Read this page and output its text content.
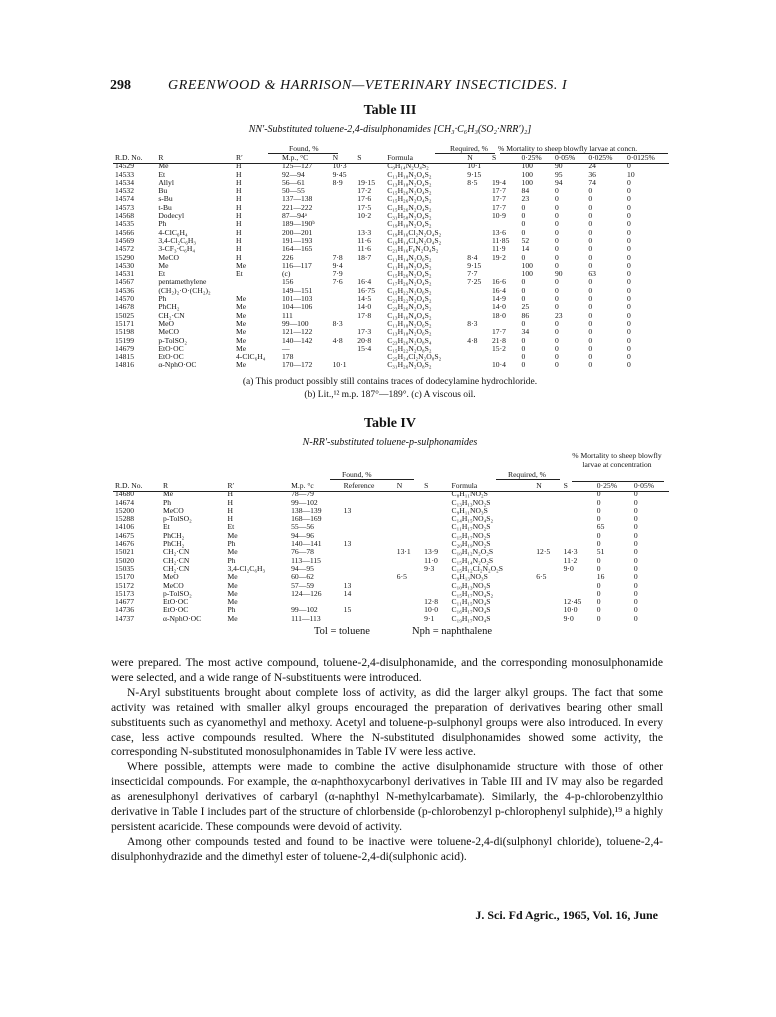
298	GREENWOOD & HARRISON—VETERINARY INSECTICIDES. I
Table III
NN′-Substituted toluene-2,4-disulphonamides [CH₃·C₆H₃(SO₂·NRR′)₂]
Found, %	Required, % % Mortality to sheep blowfly larvae at concn.
R.D. No.	R	R′	M.p., °C	N	S	Formula	N	S	0·25%	0·05%	0·025%	0·0125%
14529	Me	H	125—127	10·3		C₉H₁₄N₂O₄S₂	10·1		100	90	24	0
14533	Et	H	92—94	9·45		C₁₁H₁₈N₂O₄S₂	9·15		100	95	36	10
14534	Allyl	H	56—61	8·9	19·15	C₁₃H₁₈N₂O₄S₂	8·5	19·4	100	94	74	0
14532	Bu	H	50—55		17·2	C₁₅H₂₆N₂O₄S₂		17·7	84	0	0	0
14574	s-Bu	H	137—138		17·6	C₁₅H₂₆N₂O₄S₂		17·7	23	0	0	0
14573	t-Bu	H	221—222		17·5	C₁₅H₂₆N₂O₄S₂		17·7	0	0	0	0
14568	Dodecyl	H	87—94ᵃ		10·2	C₃₁H₅₈N₂O₄S₂		10·9	0	0	0	0
14535	Ph	H	189—190ᵇ			C₁₉H₁₈N₂O₄S₂			0	0	0	0
14566	4-ClC₆H₄	H	200—201		13·3	C₁₉H₁₆Cl₂N₂O₄S₂		13·6	0	0	0	0
14569	3,4-Cl₂C₆H₃	H	191—193		11·6	C₁₉H₁₄Cl₄N₂O₄S₂		11·85	52	0	0	0
14572	3-CF₃·C₆H₄	H	164—165		11·6	C₂₁H₁₆F₆N₂O₄S₂		11·9	14	0	0	0
15290	MeCO	H	226	7·8	18·7	C₁₁H₁₄N₂O₆S₂	8·4	19·2	0	0	0	0
14530	Me	Me	116—117	9·4		C₁₁H₁₈N₂O₄S₂	9·15		100	0	0	0
14531	Et	Et	(c)	7·9		C₁₅H₂₆N₂O₄S₂	7·7		100	90	63	0
14567	pentamethylene		156	7·6	16·4	C₁₇H₂₆N₂O₄S₂	7·25	16·6	0	0	0	0
14536	(CH₂)₂·O·(CH₂)₂		149—151		16·75	C₁₅H₂₂N₂O₆S₂		16·4	0	0	0	0
14570	Ph	Me	101—103		14·5	C₂₁H₂₂N₂O₄S₂		14·9	0	0	0	0
14678	PhCH₂	Me	104—106		14·0	C₂₃H₂₆N₂O₄S₂		14·0	25	0	0	0
15025	CH₂·CN	Me	111		17·8	C₁₃H₁₆N₄O₄S₂		18·0	86	23	0	0
15171	MeO	Me	99—100	8·3		C₁₁H₁₈N₂O₆S₂	8·3		0	0	0	0
15198	MeCO	Me	121—122		17·3	C₁₃H₁₈N₂O₆S₂		17·7	34	0	0	0
15199	p-TolSO₂	Me	140—142	4·8	20·8	C₂₃H₂₆N₂O₈S₄	4·8	21·8	0	0	0	0
14679	EtO·OC	Me	—		15·4	C₁₅H₂₂N₂O₈S₂		15·2	0	0	0	0
14815	EtO·OC	4-ClC₆H₄	178			C₂₅H₂₄Cl₂N₂O₈S₂			0	0	0	0
14816	α-NphO·OC	Me	170—172	10·1		C₃₁H₂₆N₂O₈S₂		10·4	0	0	0	0
(a) This product possibly still contains traces of dodecylamine hydrochloride.
(b) Lit.,¹² m.p. 187°—189°. (c) A viscous oil.
Table IV
N-RR′-substituted toluene-p-sulphonamides
% Mortality to sheep blowfly larvae at concentration
Found, %	Required, %
R.D. No.	R	R′	M.p. °c	Reference	N	S	Formula	N	S	0·25%	0·05%
14680	Me	H	78—79				C₈H₁₁NO₂S			0	0
14674	Ph	H	99—102				C₁₃H₁₃NO₂S			0	0
15200	MeCO	H	138—139	13			C₉H₁₁NO₃S			0	0
15288	p-TolSO₂	H	168—169				C₁₄H₁₅NO₄S₂			0	0
14106	Et	Et	55—56				C₁₁H₁₇NO₂S			65	0
14675	PhCH₂	Me	94—96				C₁₅H₁₇NO₂S			0	0
14676	PhCH₂	Ph	140—141	13			C₂₀H₁₉NO₂S			0	0
15021	CH₂·CN	Me	76—78		13·1	13·9	C₁₀H₁₂N₂O₂S	12·5	14·3	51	0
15020	CH₂·CN	Ph	113—115			11·0	C₁₅H₁₄N₂O₂S		11·2	0	0
15035	CH₂·CN	3,4-Cl₂C₆H₃	94—95			9·3	C₁₅H₁₂Cl₂N₂O₂S		9·0	0	0
15170	MeO	Me	60—62		6·5		C₉H₁₃NO₃S	6·5		16	0
15172	MeCO	Me	57—59	13			C₁₀H₁₃NO₃S			0	0
15173	p-TolSO₂	Me	124—126	14			C₁₅H₁₇NO₄S₂			0	0
14677	EtO·OC	Me				12·8	C₁₁H₁₅NO₄S		12·45	0	0
14736	EtO·OC	Ph	99—102	15		10·0	C₁₆H₁₇NO₄S		10·0	0	0
14737	α-NphO·OC	Me	111—113			9·1	C₁₉H₁₇NO₄S		9·0	0	0
Tol = toluene	Nph = naphthalene

were prepared. The most active compound, toluene-2,4-disulphonamide, and the corresponding monosulphonamide were selected, and a wide range of N-substituents were introduced.

N-Aryl substituents brought about complete loss of activity, as did the larger alkyl groups. The fact that some activity was retained with smaller alkyl groups encouraged the preparation of derivatives bearing other small substituents such as cyanomethyl and methoxy. Acetyl and toluene-p-sulphonyl groups were also introduced. In every case, less active compounds resulted. Where the N-substituted disulphonamides showed some activity, the corresponding N-substituted monosulphonamides in Table IV were less active.

Where possible, attempts were made to combine the active disulphonamide structure with those of other insecticidal compounds. For example, the α-naphthoxycarbonyl derivatives in Table III and IV may also be regarded as arenesulphonyl derivatives of carbaryl (α-naphthyl N-methylcarbamate). Similarly, the 4-p-chlorobenzylthio derivative in Table I includes part of the structure of chlorbenside (p-chlorobenzyl p-chlorophenyl sulphide),¹⁹ a highly persistent acaricide. These compounds were devoid of activity.

Among other compounds tested and found to be inactive were toluene-2,4-di(sulphonyl chloride), toluene-2,4-disulphonhydrazide and the dimethyl ester of toluene-2,4-di(sulphonic acid).

J. Sci. Fd Agric., 1965, Vol. 16, June
